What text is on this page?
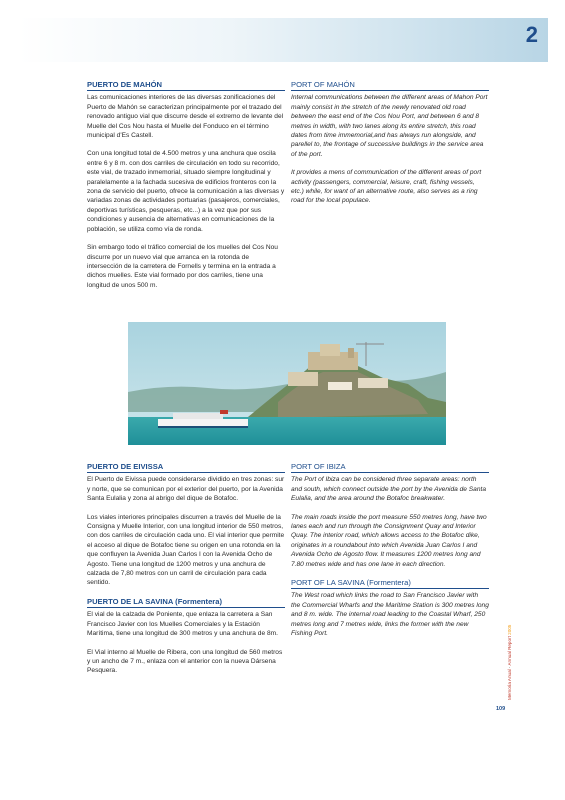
2
PUERTO DE MAHÓN

Las comunicaciones interiores de las diversas zonificaciones del Puerto de Mahón se caracterizan principalmente por el trazado del renovado antiguo vial que discurre desde el extremo de levante del Muelle del Cos Nou hasta el Muelle del Fonduco en el término municipal d'Es Castell.

Con una longitud total de 4.500 metros y una anchura que oscila entre 6 y 8 m. con dos carriles de circulación en todo su recorrido, este vial, de trazado inmemorial, situado siempre longitudinal y paralelamente a la fachada sucesiva de edificios fronteros con la zona de servicio del puerto, ofrece la comunicación a las diversas y variadas zonas de actividades portuarias (pasajeros, comerciales, deportivas turísticas, pesqueras, etc...) a la vez que por sus condiciones y ausencia de alternativas en comunicaciones de la población, se utiliza como vía de ronda.

Sin embargo todo el tráfico comercial de los muelles del Cos Nou discurre por un nuevo vial que arranca en la rotonda de intersección de la carretera de Fornells y termina en la entrada a dichos muelles. Este vial formado por dos carriles, tiene una longitud de unos 500 m.

PORT OF MAHÓN

Internal communications between the different areas of Mahon Port mainly consist in the stretch of the newly renovated old road between the east end of the Cos Nou Port, and between 6 and 8 metres in width, with two lanes along its entire stretch, this road dates from time immemorial,and has always run alongside, and parellel to, the frontage of successive buildings in the service area of the port.

It provides a mens of communication of the different areas of port activity (passengers, commercial, leisure, craft, fishing vessels, etc.) while, for want of an alternative route, also serves as a ring road for the local populace.

PUERTO DE EIVISSA

El Puerto de Eivissa puede considerarse dividido en tres zonas: sur y norte, que se comunican por el exterior del puerto, por la Avenida Santa Eulalia y zona al abrigo del dique de Botafoc.

Los viales interiores principales discurren a través del Muelle de la Consigna y Muelle Interior, con una longitud interior de 550 metros, con dos carriles de circulación cada uno. El vial interior que permite el acceso al dique de Botafoc tiene su origen en una rotonda en la que confluyen la Avenida Juan Carlos I con la Avenida Ocho de Agosto. Tiene una longitud de 1200 metros y una anchura de calzada de 7,80 metros con un carril de circulación para cada sentido.

PUERTO DE LA SAVINA (Formentera)

El vial de la calzada de Poniente, que enlaza la carretera a San Francisco Javier con los Muelles Comerciales y la Estación Marítima, tiene una longitud de 300 metros y una anchura de 8m.

El Vial interno al Muelle de Ribera, con una longitud de 560 metros y un ancho de 7 m., enlaza con el anterior con la nueva Dársena Pesquera.

PORT OF IBIZA

The Port of Ibiza can be considered three separate areas: north and south, which connect outside the port by the Avenida de Santa Eulalia, and the area around the Botafoc breakwater.

The main roads inside the port measure 550 metres long, have two lanes each and run through the Consignment Quay and Interior Quay. The interior road, which allows access to the Botafoc dike, originates in a roundabout into which Avenida Juan Carlos I and Avenida Ocho de Agosto flow. It measures 1200 metres long and 7.80 metres wide and has one lane in each direction.

PORT OF LA SAVINA (Formentera)

The West road which links the road to San Francisco Javier with the Commercial Wharfs and the Maritime Station is 300 metres long and 8 m. wide. The internal road leading to the Coastal Wharf, 250 metres long and 7 metres wide, links the former with the new Fishing Port.

Memoria Anual · Annual Report 2005
109
